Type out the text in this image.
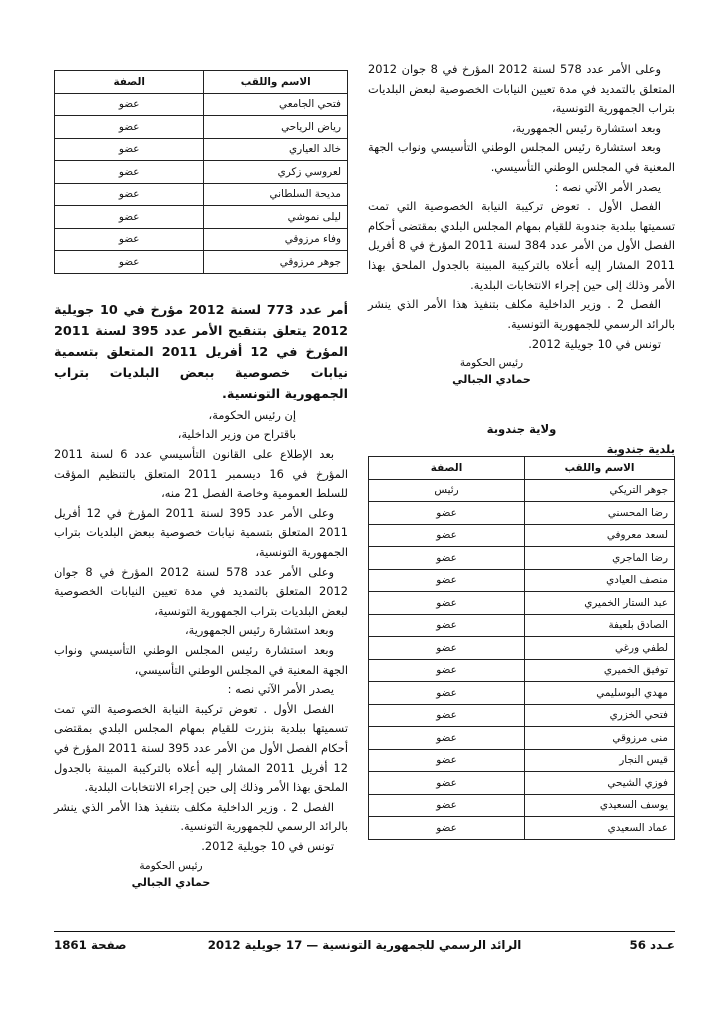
وعلى الأمر عدد 578 لسنة 2012 المؤرخ في 8 جوان 2012 المتعلق بالتمديد في مدة تعيين النيابات الخصوصية لبعض البلديات بتراب الجمهورية التونسية،

وبعد استشارة رئيس الجمهورية،

وبعد استشارة رئيس المجلس الوطني التأسيسي ونواب الجهة المعنية في المجلس الوطني التأسيسي.

يصدر الأمر الآتي نصه :

الفصل الأول . تعوض تركيبة النيابة الخصوصية التي تمت تسميتها ببلدية جندوبة للقيام بمهام المجلس البلدي بمقتضى أحكام الفصل الأول من الأمر عدد 384 لسنة 2011 المؤرخ في 8 أفريل 2011 المشار إليه أعلاه بالتركيبة المبينة بالجدول الملحق بهذا الأمر وذلك إلى حين إجراء الانتخابات البلدية.

الفصل 2 . وزير الداخلية مكلف بتنفيذ هذا الأمر الذي ينشر بالرائد الرسمي للجمهورية التونسية.

تونس في 10 جويلية 2012.

رئيس الحكومة
حمادي الجبالي
ولاية جندوبة
بلدية جندوبة
الاسم واللقب	الصفة
جوهر التريكي	رئيس
رضا المحسني	عضو
لسعد معروفي	عضو
رضا الماجري	عضو
منصف العيادي	عضو
عبد الستار الخميري	عضو
الصادق بلعيفة	عضو
لطفي ورغي	عضو
توفيق الخميري	عضو
مهدي البوسليمي	عضو
فتحي الخزري	عضو
منى مرزوقي	عضو
قيس النجار	عضو
فوزي الشيحي	عضو
يوسف السعيدي	عضو
عماد السعيدي	عضو
الاسم واللقب	الصفة
فتحي الجامعي	عضو
رياض الرياحي	عضو
خالد العياري	عضو
لعروسي زكري	عضو
مديحة السلطاني	عضو
ليلى نموشي	عضو
وفاء مرزوقي	عضو
جوهر مرزوقي	عضو

أمر عدد 773 لسنة 2012 مؤرخ في 10 جويلية 2012 يتعلق بتنقيح الأمر عدد 395 لسنة 2011 المؤرخ في 12 أفريل 2011 المتعلق بتسمية نيابات خصوصية ببعض البلديات بتراب الجمهورية التونسية.

إن رئيس الحكومة،

باقتراح من وزير الداخلية،

بعد الإطلاع على القانون التأسيسي عدد 6 لسنة 2011 المؤرخ في 16 ديسمبر 2011 المتعلق بالتنظيم المؤقت للسلط العمومية وخاصة الفصل 21 منه،

وعلى الأمر عدد 395 لسنة 2011 المؤرخ في 12 أفريل 2011 المتعلق بتسمية نيابات خصوصية ببعض البلديات بتراب الجمهورية التونسية،

وعلى الأمر عدد 578 لسنة 2012 المؤرخ في 8 جوان 2012 المتعلق بالتمديد في مدة تعيين النيابات الخصوصية لبعض البلديات بتراب الجمهورية التونسية،

وبعد استشارة رئيس الجمهورية،

وبعد استشارة رئيس المجلس الوطني التأسيسي ونواب الجهة المعنية في المجلس الوطني التأسيسي،

يصدر الأمر الآتي نصه :

الفصل الأول . تعوض تركيبة النيابة الخصوصية التي تمت تسميتها ببلدية بنزرت للقيام بمهام المجلس البلدي بمقتضى أحكام الفصل الأول من الأمر عدد 395 لسنة 2011 المؤرخ في 12 أفريل 2011 المشار إليه أعلاه بالتركيبة المبينة بالجدول الملحق بهذا الأمر وذلك إلى حين إجراء الانتخابات البلدية.

الفصل 2 . وزير الداخلية مكلف بتنفيذ هذا الأمر الذي ينشر بالرائد الرسمي للجمهورية التونسية.

تونس في 10 جويلية 2012.

رئيس الحكومة
حمادي الجبالي
صفحة 1861	الرائد الرسمي للجمهورية التونسية — 17 جويلية 2012	عـدد 56
